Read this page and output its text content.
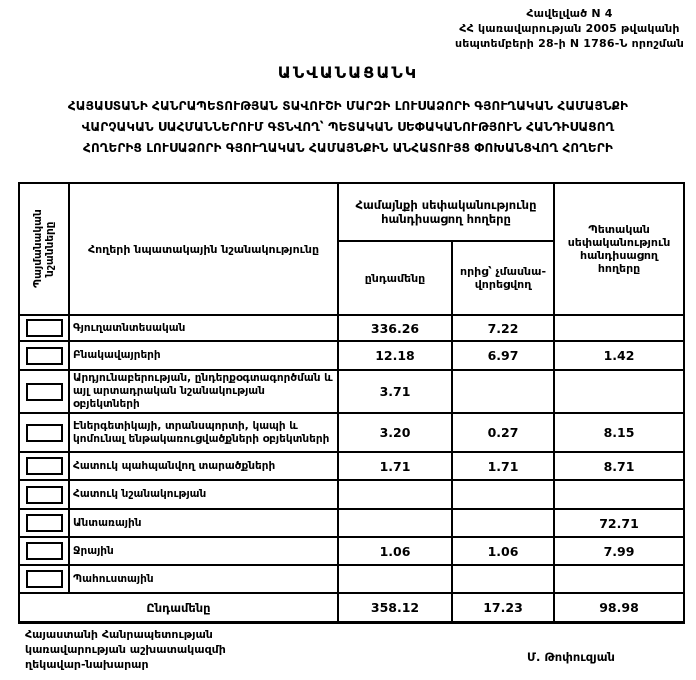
Հավելված N 4
ՀՀ կառավարության 2005 թվականի
սեպտեմբերի 28-ի N 1786-Ն որոշման
ԱՆՎԱՆԱՑԱՆԿ
ՀԱՅԱՍՏԱՆԻ ՀԱՆՐԱՊԵՏՈՒԹՅԱՆ ՏԱՎՈՒՇԻ ՄԱՐԶԻ ԼՈՒՍԱՁՈՐԻ ԳՅՈՒՂԱԿԱՆ ՀԱՄԱՅՆՔԻ
ՎԱՐՉԱԿԱՆ ՍԱՀՄԱՆՆԵՐՈՒՄ ԳՏՆՎՈՂ՝ ՊԵՏԱԿԱՆ ՍԵՓԱԿԱՆՈՒԹՅՈՒՆ ՀԱՆԴԻՍԱՑՈՂ
ՀՈՂԵՐԻՑ ԼՈՒՍԱՁՈՐԻ ԳՅՈՒՂԱԿԱՆ ՀԱՄԱՅՆՔԻՆ ԱՆՀԱՏՈՒՅՑ ՓՈԽԱՆՑՎՈՂ ՀՈՂԵՐԻ
Պայմանական նշանները	Հողերի նպատակային նշանակությունը	Համայնքի սեփականությունը հանդիսացող հողերը		Պետական սեփականություն հանդիսացող հողերը
		ընդամենը	որից՝ չմասնավորեցվող	

	Գյուղատնտեսական	336.26	7.22	

	Բնակավայրերի	12.18	6.97	1.42

	Արդյունաբերության, ընդերքօգտագործման և այլ արտադրական նշանակության օբյեկտների	3.71		

	Էներգետիկայի, տրանսպորտի, կապի և կոմունալ ենթակառուցվածքների օբյեկտների	3.20	0.27	8.15

	Հատուկ պահպանվող տարածքների	1.71	1.71	8.71

	Հատուկ նշանակության			

	Անտառային			72.71

	Ջրային	1.06	1.06	7.99

	Պահուստային			
Ընդամենը		358.12	17.23	98.98
Հայաստանի Հանրապետության
կառավարության աշխատակազմի
ղեկավար-նախարար
Մ. Թոփուզյան
